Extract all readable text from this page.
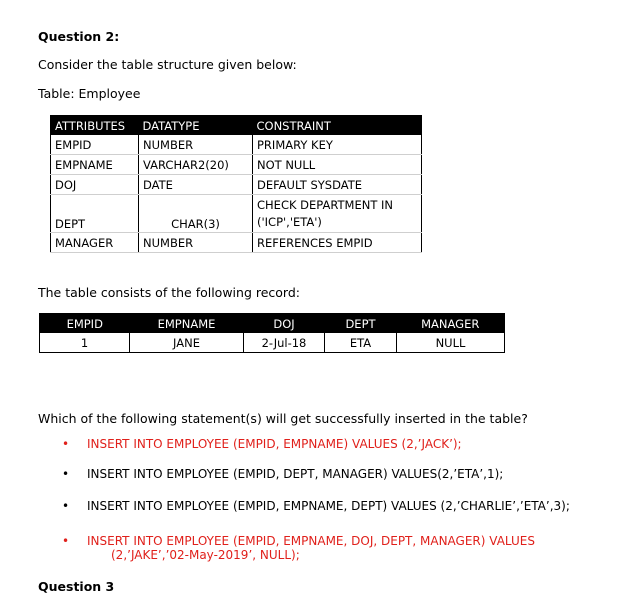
Question 2:
Consider the table structure given below:
Table: Employee
ATTRIBUTES	DATATYPE	CONSTRAINT
EMPID	NUMBER	PRIMARY KEY
EMPNAME	VARCHAR2(20)	NOT NULL
DOJ	DATE	DEFAULT SYSDATE
DEPT	CHAR(3)	CHECK DEPARTMENT IN
('ICP','ETA')
MANAGER	NUMBER	REFERENCES EMPID
The table consists of the following record:
EMPID	EMPNAME	DOJ	DEPT	MANAGER
1	JANE	2-Jul-18	ETA	NULL
Which of the following statement(s) will get successfully inserted in the table?
• INSERT INTO EMPLOYEE (EMPID, EMPNAME) VALUES (2,’JACK’);
• INSERT INTO EMPLOYEE (EMPID, DEPT, MANAGER) VALUES(2,’ETA’,1);
• INSERT INTO EMPLOYEE (EMPID, EMPNAME, DEPT) VALUES (2,’CHARLIE’,’ETA’,3);
• INSERT INTO EMPLOYEE (EMPID, EMPNAME, DOJ, DEPT, MANAGER) VALUES
(2,’JAKE’,’02-May-2019’, NULL);
Question 3
